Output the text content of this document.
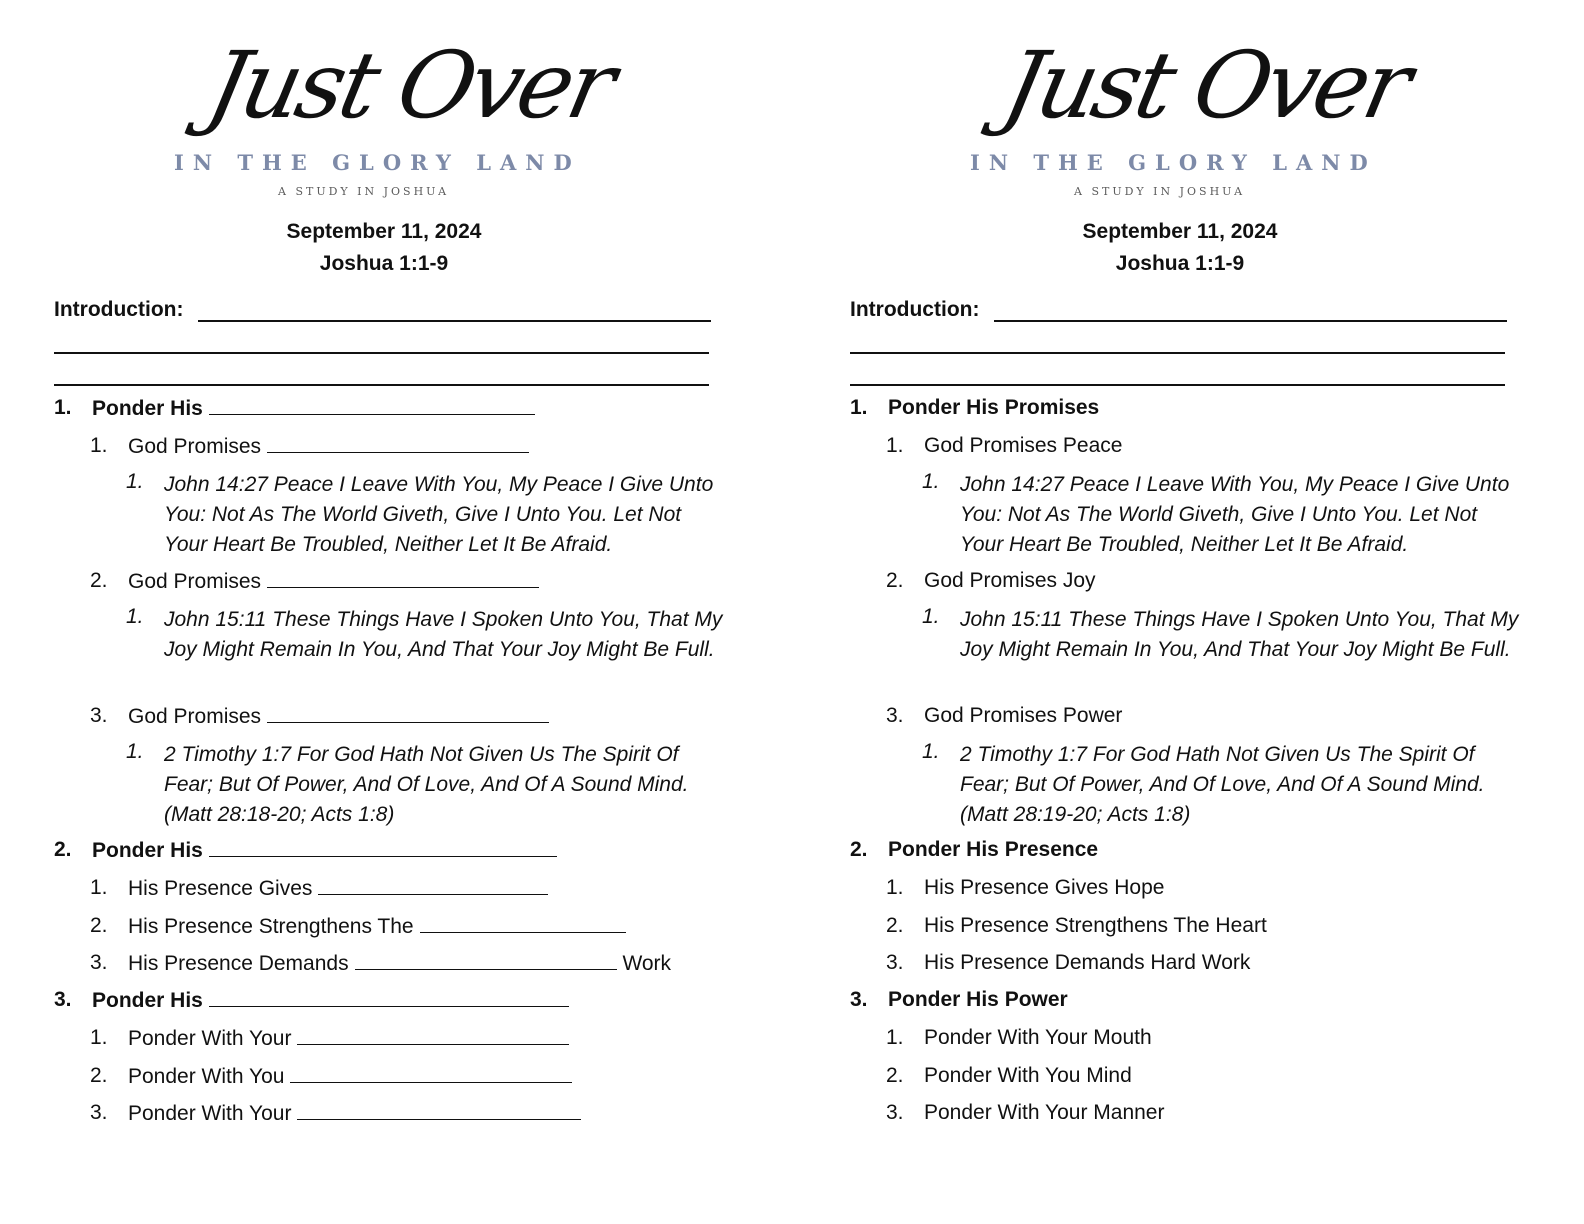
Just Over
IN THE GLORY LAND
A STUDY IN JOSHUA
September 11, 2024
Joshua 1:1-9
Introduction:
1. Ponder His
1. God Promises
1. John 14:27 Peace I Leave With You, My Peace I Give Unto You: Not As The World Giveth, Give I Unto You. Let Not Your Heart Be Troubled, Neither Let It Be Afraid.
2. God Promises
1. John 15:11 These Things Have I Spoken Unto You, That My Joy Might Remain In You, And That Your Joy Might Be Full.
3. God Promises
1. 2 Timothy 1:7 For God Hath Not Given Us The Spirit Of Fear; But Of Power, And Of Love, And Of A Sound Mind. (Matt 28:18-20; Acts 1:8)
2. Ponder His
1. His Presence Gives
2. His Presence Strengthens The
3. His Presence Demands	Work
3. Ponder His
1. Ponder With Your
2. Ponder With You
3. Ponder With Your
Just Over
IN THE GLORY LAND
A STUDY IN JOSHUA
September 11, 2024
Joshua 1:1-9
Introduction:
1. Ponder His Promises
1. God Promises Peace
1. John 14:27 Peace I Leave With You, My Peace I Give Unto You: Not As The World Giveth, Give I Unto You. Let Not Your Heart Be Troubled, Neither Let It Be Afraid.
2. God Promises Joy
1. John 15:11 These Things Have I Spoken Unto You, That My Joy Might Remain In You, And That Your Joy Might Be Full.
3. God Promises Power
1. 2 Timothy 1:7 For God Hath Not Given Us The Spirit Of Fear; But Of Power, And Of Love, And Of A Sound Mind. (Matt 28:19-20; Acts 1:8)
2. Ponder His Presence
1. His Presence Gives Hope
2. His Presence Strengthens The Heart
3. His Presence Demands Hard Work
3. Ponder His Power
1. Ponder With Your Mouth
2. Ponder With You Mind
3. Ponder With Your Manner
